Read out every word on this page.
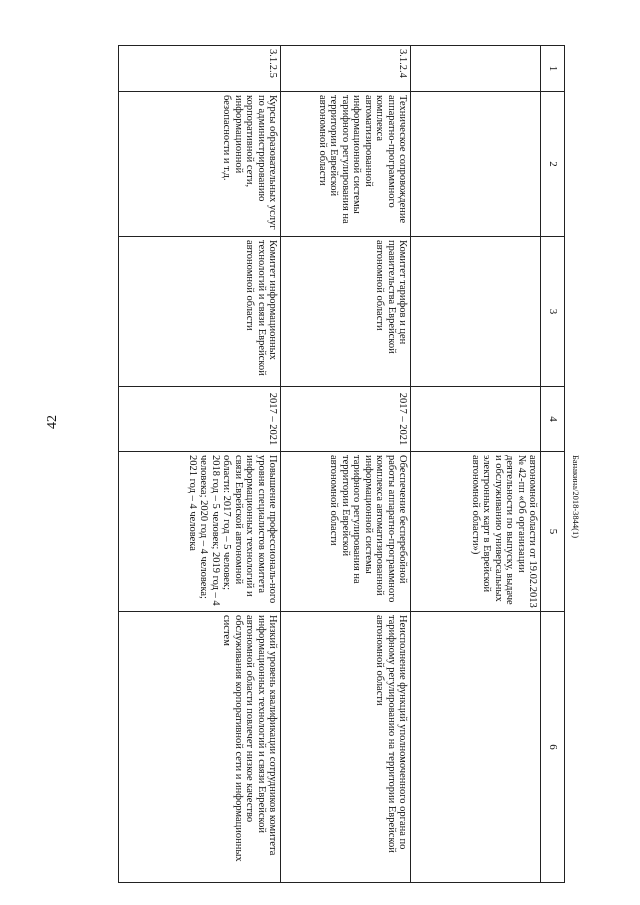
42
1	2	3	4	5	6
				автономной области от 19.02.2013 № 42-пп «Об организации деятельности по выпуску, выдаче и обслуживанию универсальных электронных карт в Еврейской автономной области»)	
3.1.2.4	Техническое сопровождение аппаратно-программного комплекса автоматизированной информационной системы тарифного регулирования на территории Еврейской автономной области	Комитет тарифов и цен правительства Еврейской автономной области	2017 – 2021	Обеспечение бесперебойной работы аппаратно-программного комплекса автоматизированной информационной системы тарифного регулирования на территории Еврейской автономной области	Неисполнение функций уполномоченного органа по тарифному регулированию на территории Еврейской автономной области
3.1.2.5	Курсы образовательных услуг по администрированию корпоративной сети, информационной безопасности и т.д.	Комитет информационных технологий и связи Еврейской автономной области	2017 – 2021	Повышение профессиональ-ного уровня специалистов комитета информационных технологий и связи Еврейской автономной области: 2017 год – 5 человек; 2018 год – 5 человек; 2019 год – 4 человека; 2020 год – 4 человека; 2021 год – 4 человека	Низкий уровень квалификации сотрудников комитета информационных технологий и связи Еврейской автономной области повлечет низкое качество обслуживания корпоративной сети и информационных систем
Банакина/2018-3844(1)
